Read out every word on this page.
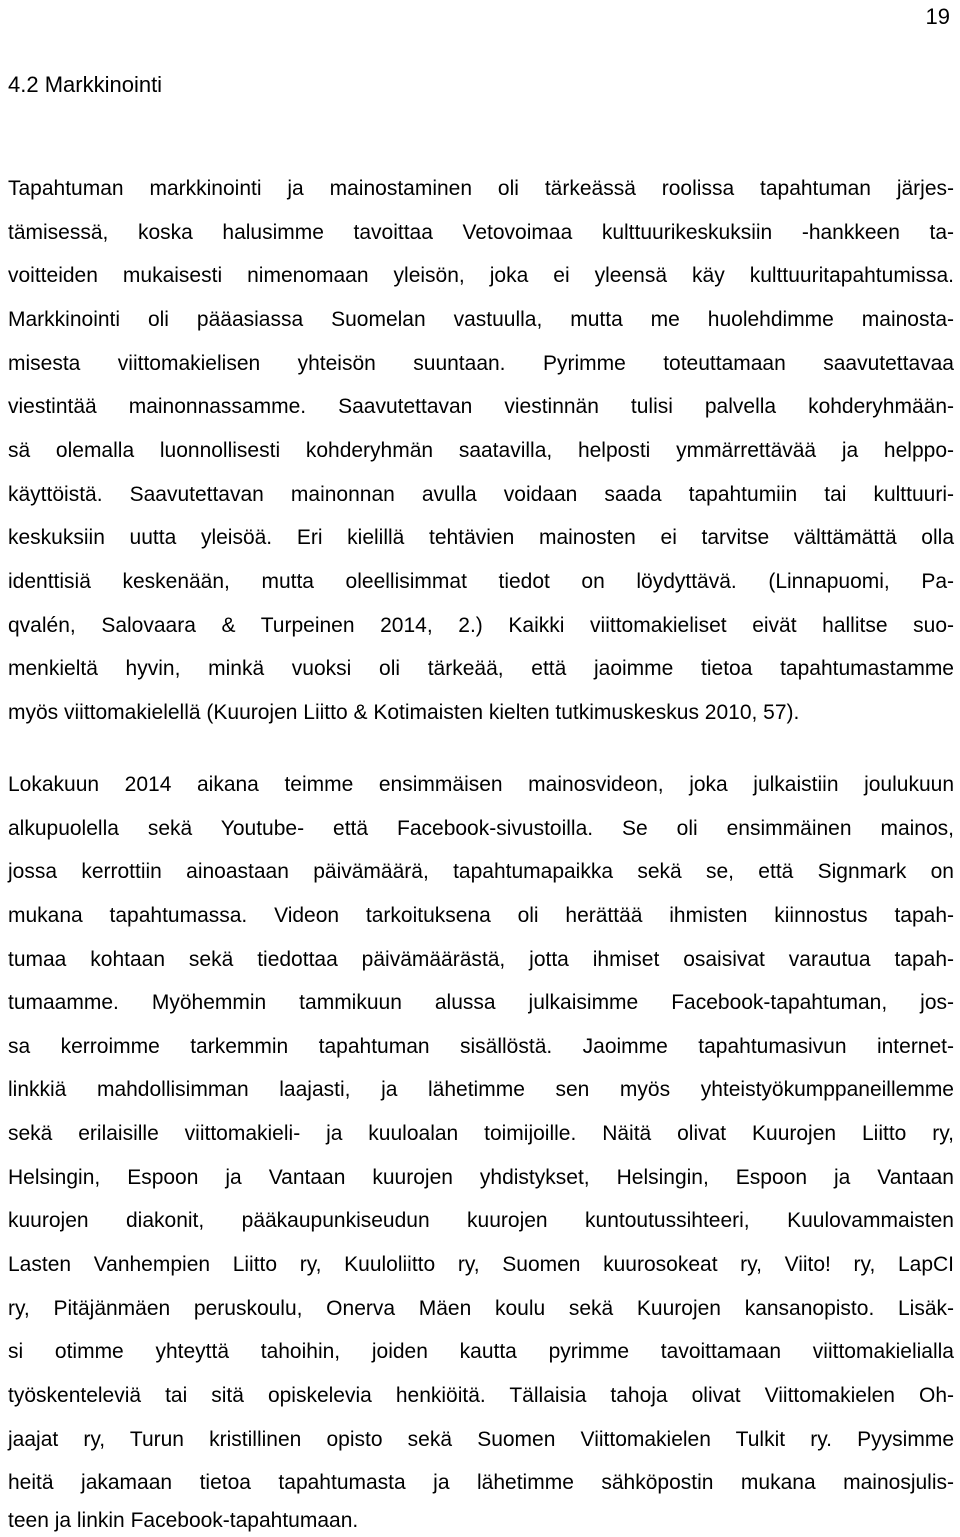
19
4.2 Markkinointi
Tapahtuman markkinointi ja mainostaminen oli tärkeässä roolissa tapahtuman järjes-
tämisessä, koska halusimme tavoittaa Vetovoimaa kulttuurikeskuksiin -hankkeen ta-
voitteiden mukaisesti nimenomaan yleisön, joka ei yleensä käy kulttuuritapahtumissa.
Markkinointi oli pääasiassa Suomelan vastuulla, mutta me huolehdimme mainosta-
misesta viittomakielisen yhteisön suuntaan. Pyrimme toteuttamaan saavutettavaa
viestintää mainonnassamme. Saavutettavan viestinnän tulisi palvella kohderyhmään-
sä olemalla luonnollisesti kohderyhmän saatavilla, helposti ymmärrettävää ja helppo-
käyttöistä. Saavutettavan mainonnan avulla voidaan saada tapahtumiin tai kulttuuri-
keskuksiin uutta yleisöä. Eri kielillä tehtävien mainosten ei tarvitse välttämättä olla
identtisiä keskenään, mutta oleellisimmat tiedot on löydyttävä. (Linnapuomi, Pa-
qvalén, Salovaara & Turpeinen 2014, 2.) Kaikki viittomakieliset eivät hallitse suo-
menkieltä hyvin, minkä vuoksi oli tärkeää, että jaoimme tietoa tapahtumastamme
myös viittomakielellä (Kuurojen Liitto & Kotimaisten kielten tutkimuskeskus 2010, 57).
Lokakuun 2014 aikana teimme ensimmäisen mainosvideon, joka julkaistiin joulukuun
alkupuolella sekä Youtube- että Facebook-sivustoilla. Se oli ensimmäinen mainos,
jossa kerrottiin ainoastaan päivämäärä, tapahtumapaikka sekä se, että Signmark on
mukana tapahtumassa. Videon tarkoituksena oli herättää ihmisten kiinnostus tapah-
tumaa kohtaan sekä tiedottaa päivämäärästä, jotta ihmiset osaisivat varautua tapah-
tumaamme. Myöhemmin tammikuun alussa julkaisimme Facebook-tapahtuman, jos-
sa kerroimme tarkemmin tapahtuman sisällöstä. Jaoimme tapahtumasivun internet-
linkkiä mahdollisimman laajasti, ja lähetimme sen myös yhteistyökumppaneillemme
sekä erilaisille viittomakieli- ja kuuloalan toimijoille. Näitä olivat Kuurojen Liitto ry,
Helsingin, Espoon ja Vantaan kuurojen yhdistykset, Helsingin, Espoon ja Vantaan
kuurojen diakonit, pääkaupunkiseudun kuurojen kuntoutussihteeri, Kuulovammaisten
Lasten Vanhempien Liitto ry, Kuuloliitto ry, Suomen kuurosokeat ry, Viito! ry, LapCI
ry, Pitäjänmäen peruskoulu, Onerva Mäen koulu sekä Kuurojen kansanopisto. Lisäk-
si otimme yhteyttä tahoihin, joiden kautta pyrimme tavoittamaan viittomakielialla
työskenteleviä tai sitä opiskelevia henkiöitä. Tällaisia tahoja olivat Viittomakielen Oh-
jaajat ry, Turun kristillinen opisto sekä Suomen Viittomakielen Tulkit ry. Pyysimme
heitä jakamaan tietoa tapahtumasta ja lähetimme sähköpostin mukana mainosjulis-
teen ja linkin Facebook-tapahtumaan.
